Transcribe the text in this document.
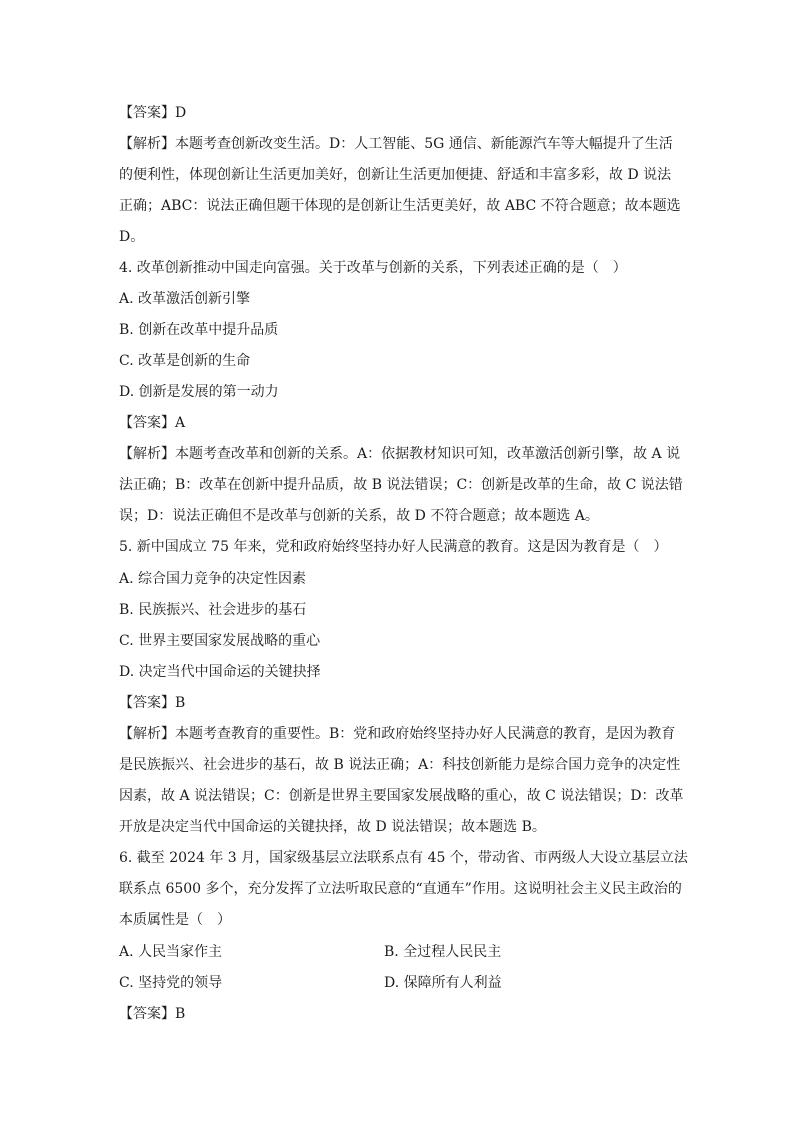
【答案】D
【解析】本题考查创新改变生活。D：人工智能、5G 通信、新能源汽车等大幅提升了生活
的便利性，体现创新让生活更加美好，创新让生活更加便捷、舒适和丰富多彩，故 D 说法
正确；ABC：说法正确但题干体现的是创新让生活更美好，故 ABC 不符合题意；故本题选
D。
4. 改革创新推动中国走向富强。关于改革与创新的关系，下列表述正确的是（　）
A. 改革激活创新引擎
B. 创新在改革中提升品质
C. 改革是创新的生命
D. 创新是发展的第一动力
【答案】A
【解析】本题考查改革和创新的关系。A：依据教材知识可知，改革激活创新引擎，故 A 说
法正确；B：改革在创新中提升品质，故 B 说法错误；C：创新是改革的生命，故 C 说法错
误；D：说法正确但不是改革与创新的关系，故 D 不符合题意；故本题选 A。
5. 新中国成立 75 年来，党和政府始终坚持办好人民满意的教育。这是因为教育是（　）
A. 综合国力竞争的决定性因素
B. 民族振兴、社会进步的基石
C. 世界主要国家发展战略的重心
D. 决定当代中国命运的关键抉择
【答案】B
【解析】本题考查教育的重要性。B：党和政府始终坚持办好人民满意的教育，是因为教育
是民族振兴、社会进步的基石，故 B 说法正确；A：科技创新能力是综合国力竞争的决定性
因素，故 A 说法错误；C：创新是世界主要国家发展战略的重心，故 C 说法错误；D：改革
开放是决定当代中国命运的关键抉择，故 D 说法错误；故本题选 B。
6. 截至 2024 年 3 月，国家级基层立法联系点有 45 个，带动省、市两级人大设立基层立法
联系点 6500 多个，充分发挥了立法听取民意的“直通车”作用。这说明社会主义民主政治的
本质属性是（　）
A. 人民当家作主	B. 全过程人民民主
C. 坚持党的领导	D. 保障所有人利益
【答案】B
